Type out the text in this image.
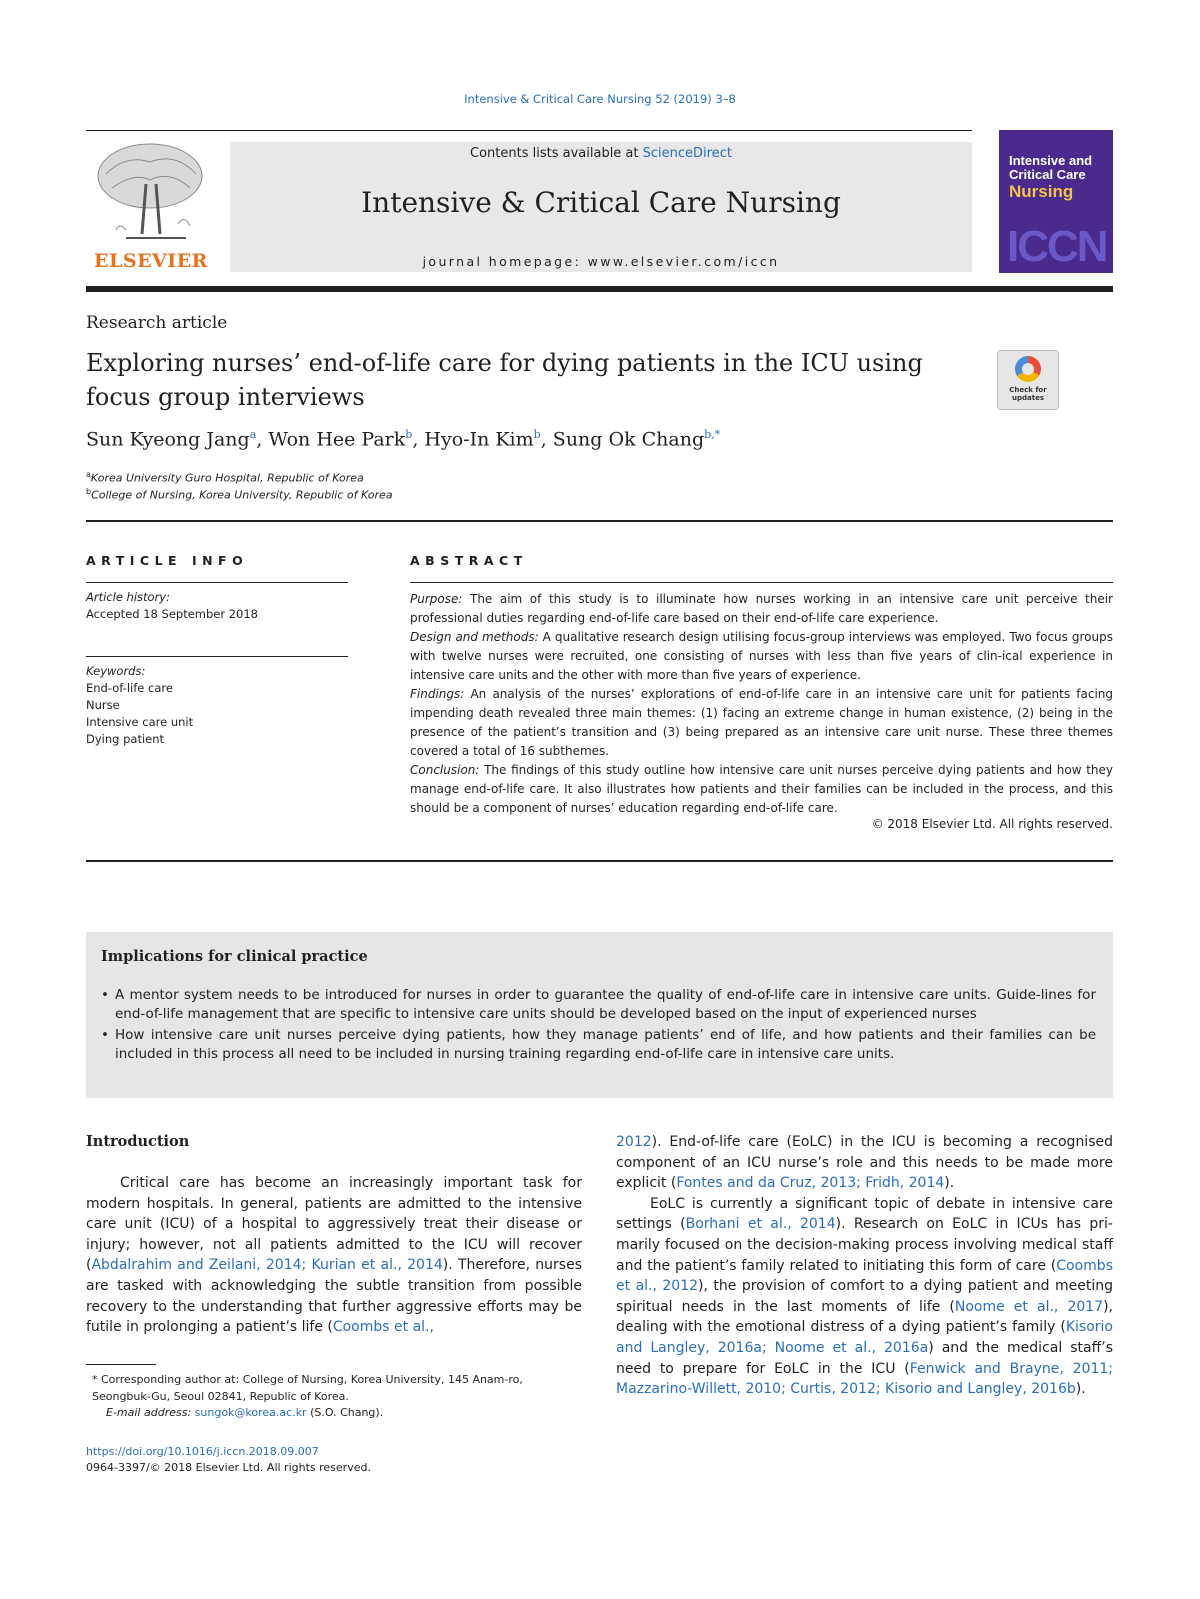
Intensive & Critical Care Nursing 52 (2019) 3–8
ELSEVIER
Contents lists available at ScienceDirect
Intensive & Critical Care Nursing
journal homepage: www.elsevier.com/iccn
Intensive and
Critical Care
Nursing
ICCN
Research article
Exploring nurses’ end-of-life care for dying patients in the ICU using focus group interviews	Check for updates
Sun Kyeong Jang$^a$, Won Hee Park$^b$, Hyo-In Kim$^b$, Sung Ok Chang$^{b,*}$
$^a$Korea University Guro Hospital, Republic of Korea
$^b$College of Nursing, Korea University, Republic of Korea
ARTICLE INFO
Article history:
Accepted 18 September 2018
Keywords:
End-of-life care
Nurse
Intensive care unit
Dying patient
ABSTRACT
Purpose: The aim of this study is to illuminate how nurses working in an intensive care unit perceive their professional duties regarding end-of-life care based on their end-of-life care experience.
Design and methods: A qualitative research design utilising focus-group interviews was employed. Two focus groups with twelve nurses were recruited, one consisting of nurses with less than five years of clin-ical experience in intensive care units and the other with more than five years of experience.
Findings: An analysis of the nurses’ explorations of end-of-life care in an intensive care unit for patients facing impending death revealed three main themes: (1) facing an extreme change in human existence, (2) being in the presence of the patient’s transition and (3) being prepared as an intensive care unit nurse. These three themes covered a total of 16 subthemes.
Conclusion: The findings of this study outline how intensive care unit nurses perceive dying patients and how they manage end-of-life care. It also illustrates how patients and their families can be included in the process, and this should be a component of nurses’ education regarding end-of-life care.
© 2018 Elsevier Ltd. All rights reserved.
Implications for clinical practice
• A mentor system needs to be introduced for nurses in order to guarantee the quality of end-of-life care in intensive care units. Guide-lines for end-of-life management that are specific to intensive care units should be developed based on the input of experienced nurses
• How intensive care unit nurses perceive dying patients, how they manage patients’ end of life, and how patients and their families can be included in this process all need to be included in nursing training regarding end-of-life care in intensive care units.
Introduction

Critical care has become an increasingly important task for modern hospitals. In general, patients are admitted to the intensive care unit (ICU) of a hospital to aggressively treat their disease or injury; however, not all patients admitted to the ICU will recover (Abdalrahim and Zeilani, 2014; Kurian et al., 2014). Therefore, nurses are tasked with acknowledging the subtle transition from possible recovery to the understanding that further aggressive efforts may be futile in prolonging a patient’s life (Coombs et al.,

2012). End-of-life care (EoLC) in the ICU is becoming a recognised component of an ICU nurse’s role and this needs to be made more explicit (Fontes and da Cruz, 2013; Fridh, 2014).

EoLC is currently a significant topic of debate in intensive care settings (Borhani et al., 2014). Research on EoLC in ICUs has pri-marily focused on the decision-making process involving medical staff and the patient’s family related to initiating this form of care (Coombs et al., 2012), the provision of comfort to a dying patient and meeting spiritual needs in the last moments of life (Noome et al., 2017), dealing with the emotional distress of a dying patient’s family (Kisorio and Langley, 2016a; Noome et al., 2016a) and the medical staff’s need to prepare for EoLC in the ICU (Fenwick and Brayne, 2011; Mazzarino-Willett, 2010; Curtis, 2012; Kisorio and Langley, 2016b).

* Corresponding author at: College of Nursing, Korea University, 145 Anam-ro, Seongbuk-Gu, Seoul 02841, Republic of Korea.
E-mail address: sungok@korea.ac.kr (S.O. Chang).
https://doi.org/10.1016/j.iccn.2018.09.007
0964-3397/© 2018 Elsevier Ltd. All rights reserved.
